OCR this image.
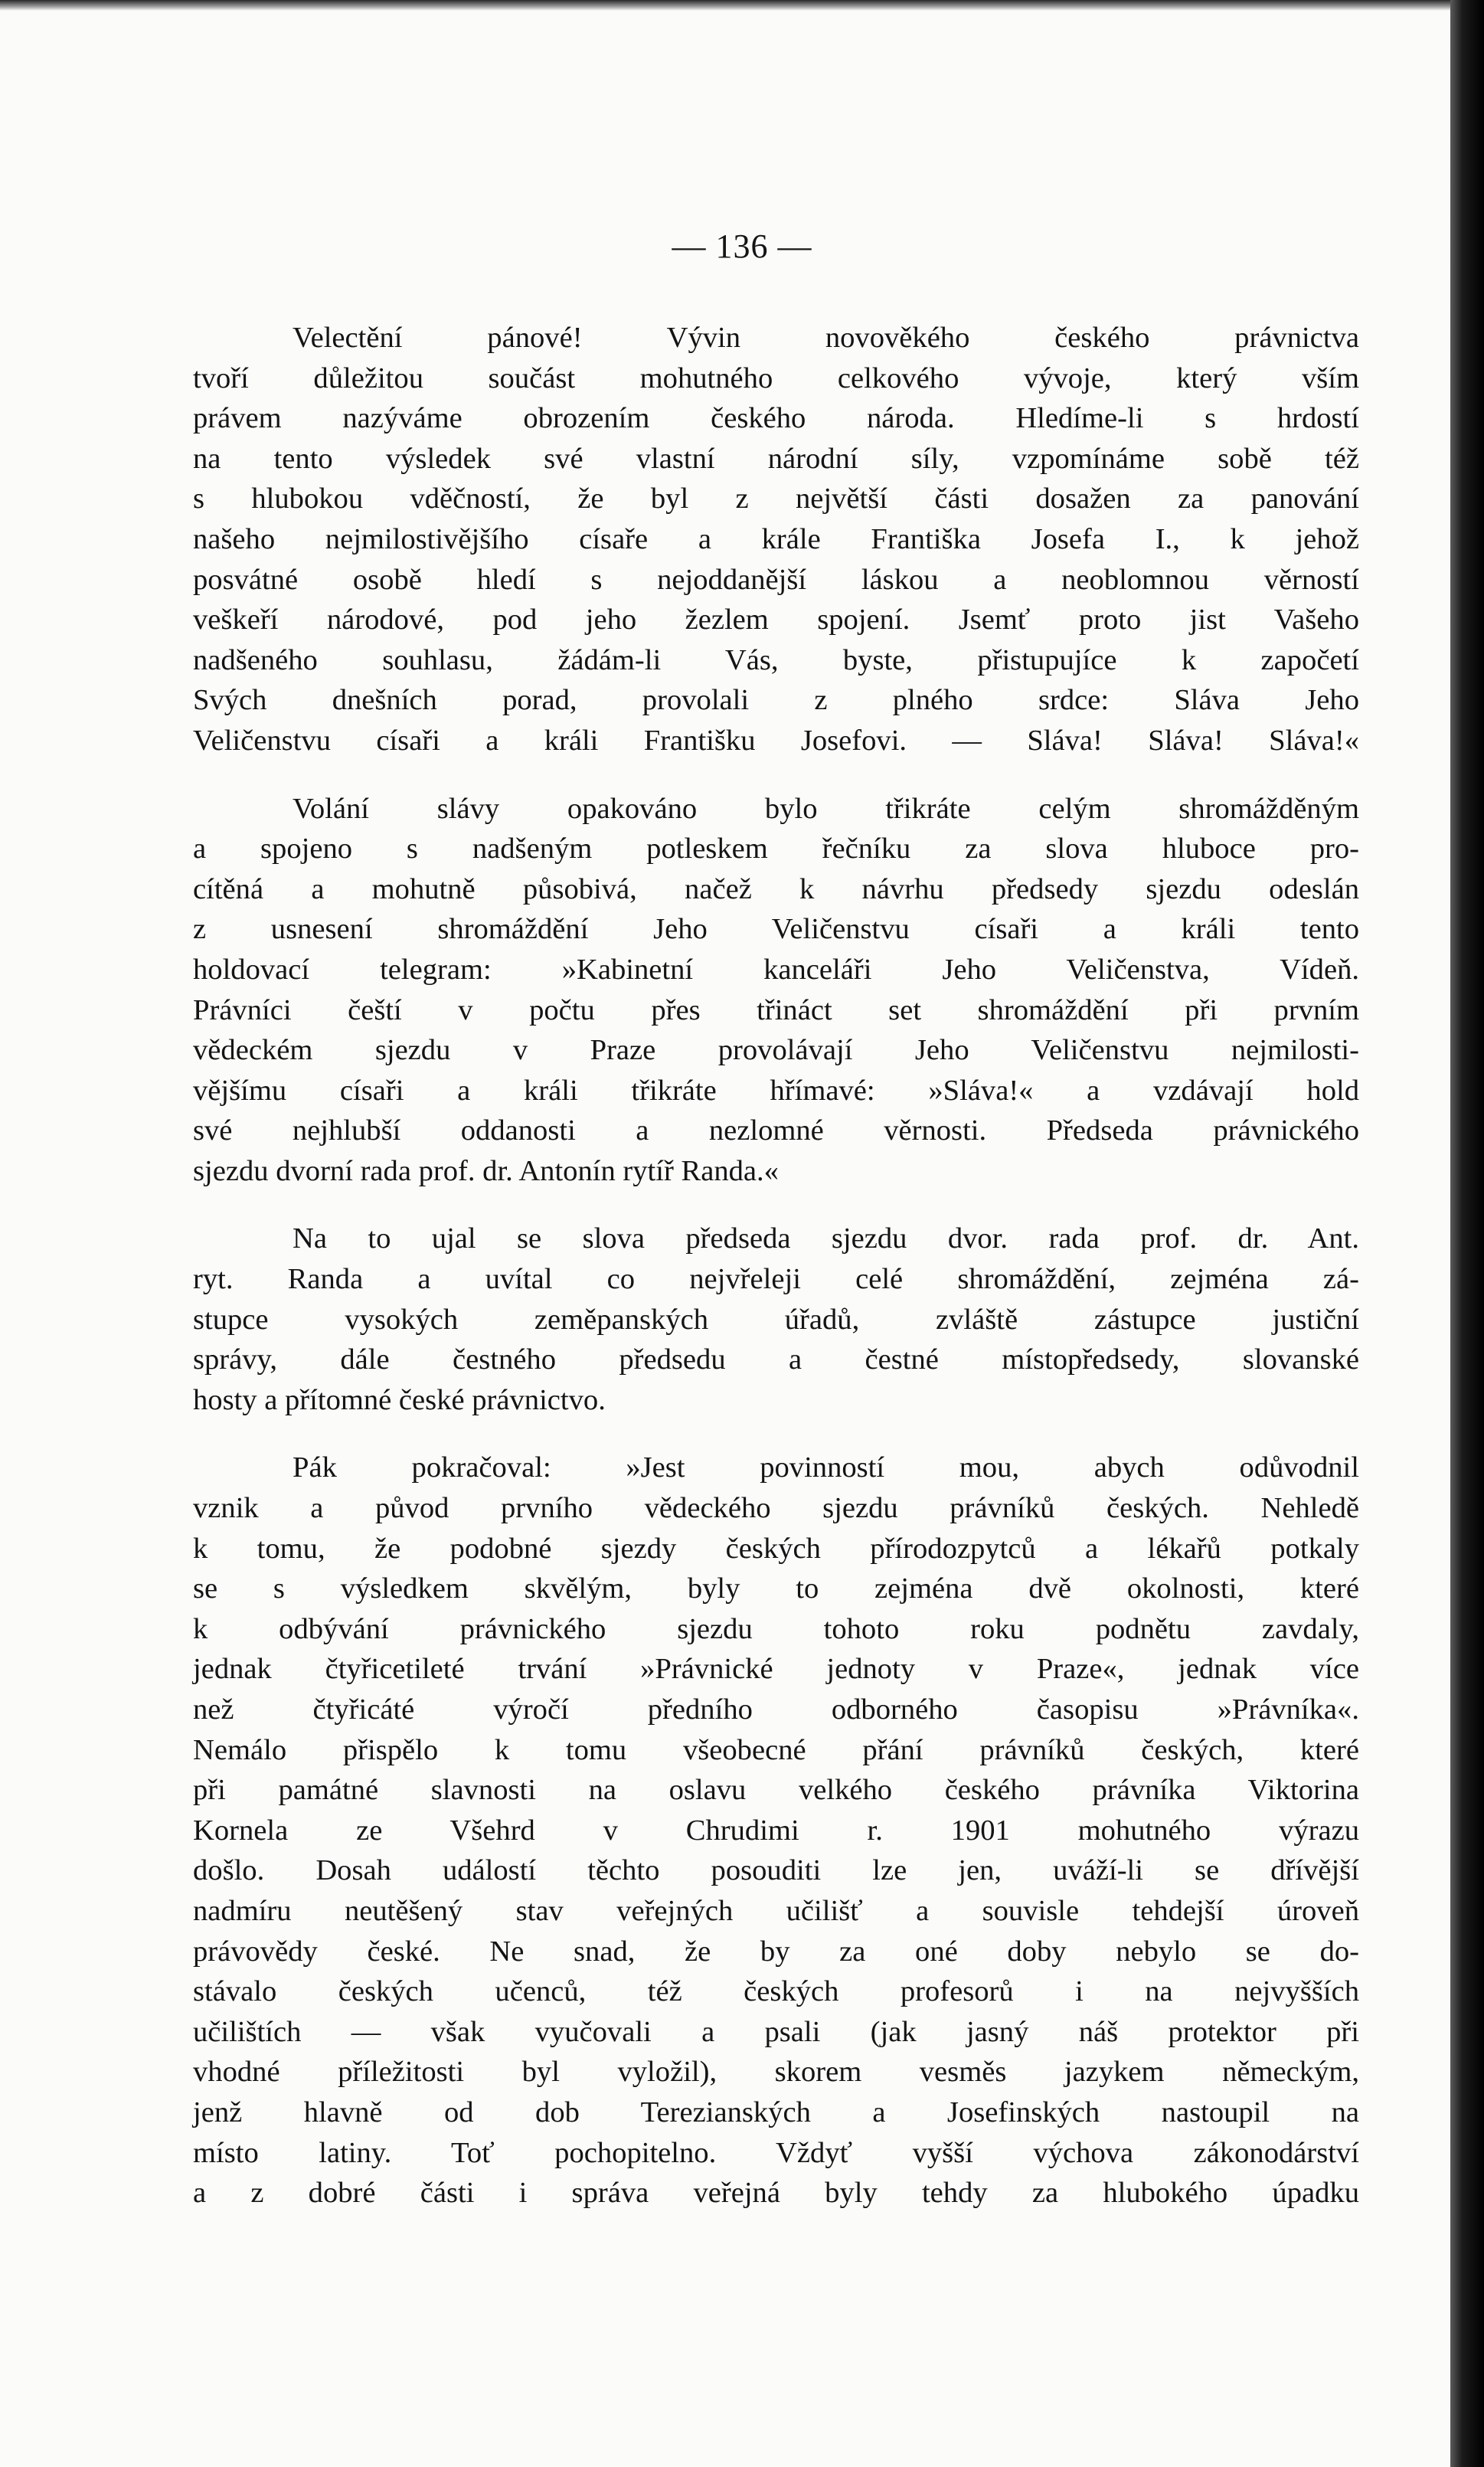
— 136 —
Velectění pánové! Vývin novověkého českého právnictva
tvoří důležitou součást mohutného celkového vývoje, který vším
právem nazýváme obrozením českého národa. Hledíme-li s hrdostí
na tento výsledek své vlastní národní síly, vzpomínáme sobě též
s hlubokou vděčností, že byl z největší části dosažen za panování
našeho nejmilostivějšího císaře a krále Františka Josefa I., k jehož
posvátné osobě hledí s nejoddanější láskou a neoblomnou věrností
veškeří národové, pod jeho žezlem spojení. Jsemť proto jist Vašeho
nadšeného souhlasu, žádám-li Vás, byste, přistupujíce k započetí
Svých dnešních porad, provolali z plného srdce: Sláva Jeho
Veličenstvu císaři a králi Františku Josefovi. — Sláva! Sláva! Sláva!«
Volání slávy opakováno bylo třikráte celým shromážděným
a spojeno s nadšeným potleskem řečníku za slova hluboce pro-
cítěná a mohutně působivá, načež k návrhu předsedy sjezdu odeslán
z usnesení shromáždění Jeho Veličenstvu císaři a králi tento
holdovací telegram: »Kabinetní kanceláři Jeho Veličenstva, Vídeň.
Právníci čeští v počtu přes třináct set shromáždění při prvním
vědeckém sjezdu v Praze provolávají Jeho Veličenstvu nejmilosti-
vějšímu císaři a králi třikráte hřímavé: »Sláva!« a vzdávají hold
své nejhlubší oddanosti a nezlomné věrnosti. Předseda právnického
sjezdu dvorní rada prof. dr. Antonín rytíř Randa.«
Na to ujal se slova předseda sjezdu dvor. rada prof. dr. Ant.
ryt. Randa a uvítal co nejvřeleji celé shromáždění, zejména zá-
stupce vysokých zeměpanských úřadů, zvláště zástupce justiční
správy, dále čestného předsedu a čestné místopředsedy, slovanské
hosty a přítomné české právnictvo.
Pák pokračoval: »Jest povinností mou, abych odůvodnil
vznik a původ prvního vědeckého sjezdu právníků českých. Nehledě
k tomu, že podobné sjezdy českých přírodozpytců a lékařů potkaly
se s výsledkem skvělým, byly to zejména dvě okolnosti, které
k odbývání právnického sjezdu tohoto roku podnětu zavdaly,
jednak čtyřicetileté trvání »Právnické jednoty v Praze«, jednak více
než čtyřicáté výročí předního odborného časopisu »Právníka«.
Nemálo přispělo k tomu všeobecné přání právníků českých, které
při památné slavnosti na oslavu velkého českého právníka Viktorina
Kornela ze Všehrd v Chrudimi r. 1901 mohutného výrazu
došlo. Dosah událostí těchto posouditi lze jen, uváží-li se dřívější
nadmíru neutěšený stav veřejných učilišť a souvisle tehdejší úroveň
právovědy české. Ne snad, že by za oné doby nebylo se do-
stávalo českých učenců, též českých profesorů i na nejvyšších
učilištích — však vyučovali a psali (jak jasný náš protektor při
vhodné příležitosti byl vyložil), skorem vesměs jazykem německým,
jenž hlavně od dob Terezianských a Josefinských nastoupil na
místo latiny. Toť pochopitelno. Vždyť vyšší výchova zákonodárství
a z dobré části i správa veřejná byly tehdy za hlubokého úpadku
